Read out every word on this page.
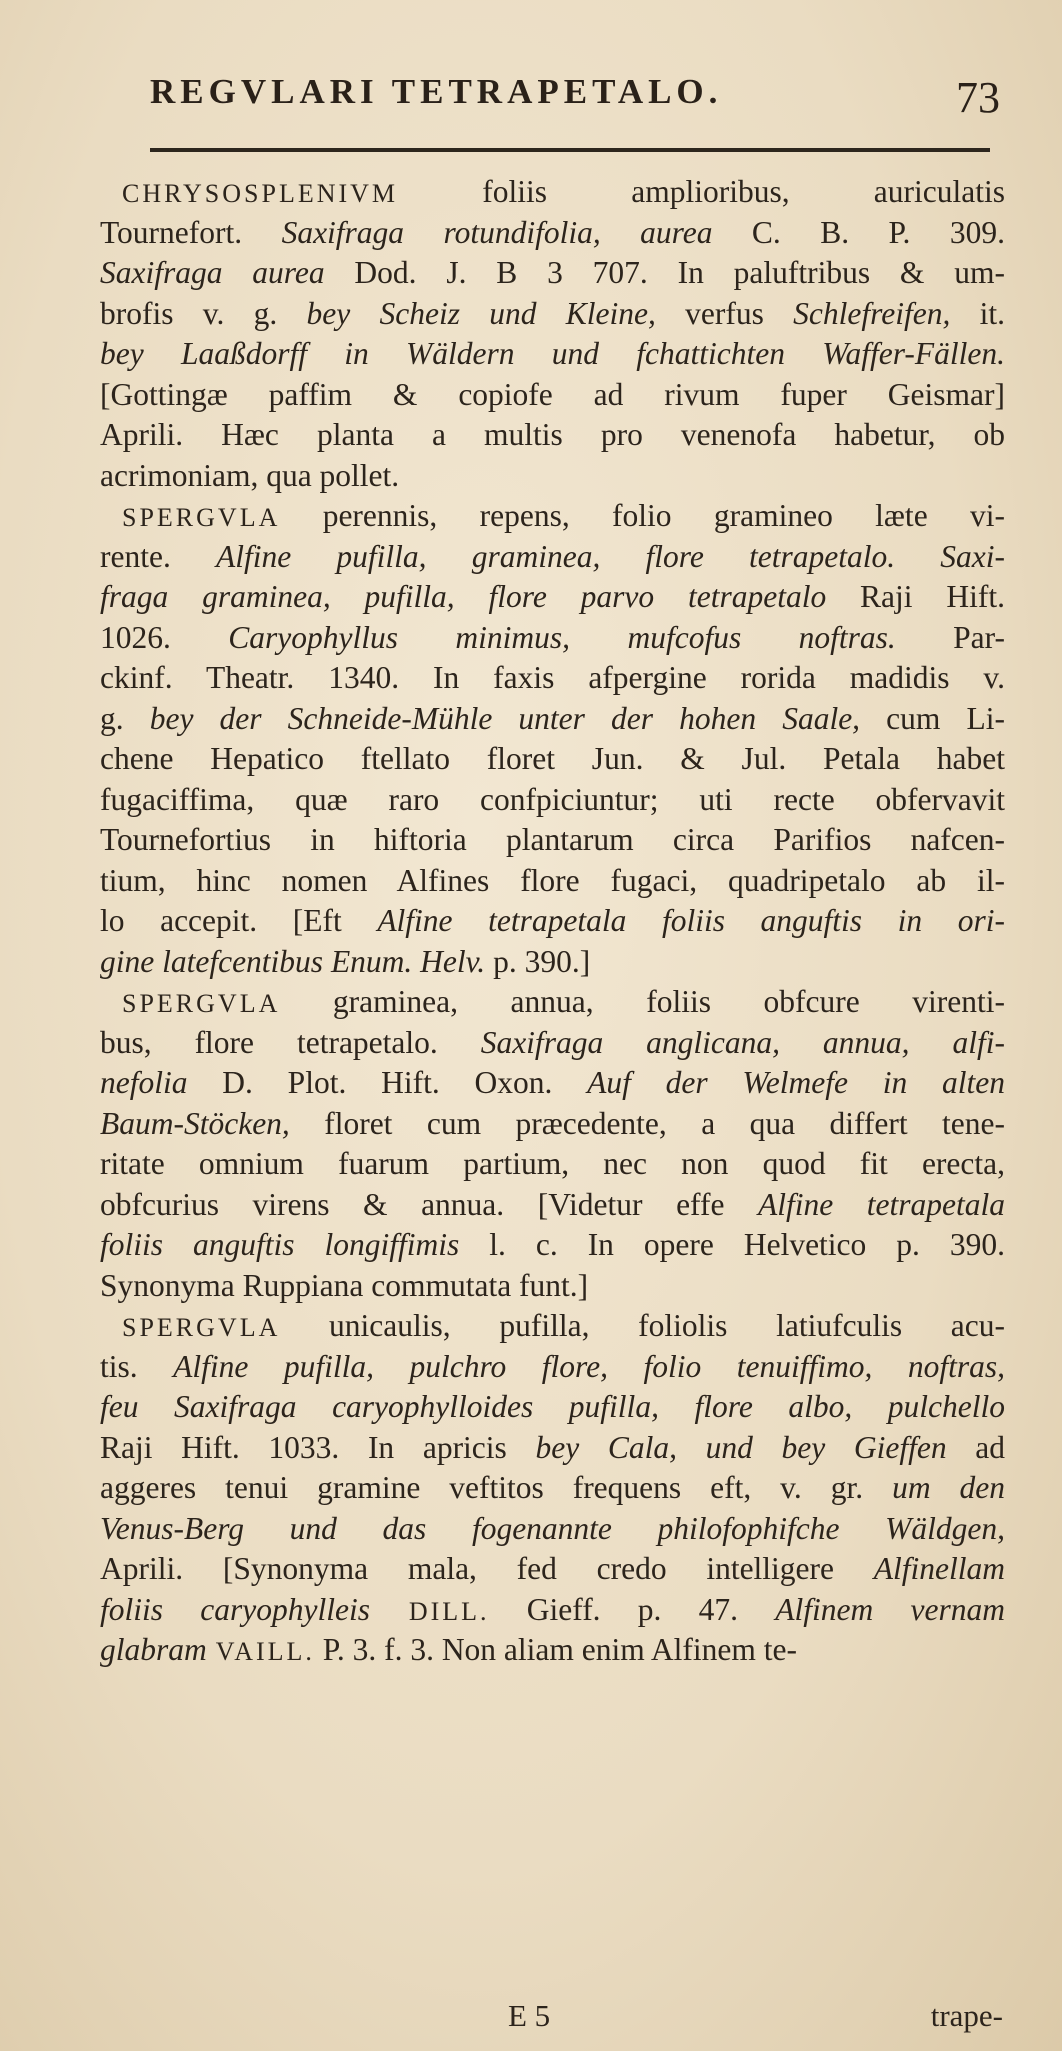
REGVLARI TETRAPETALO.	73
CHRYSOSPLENIVM foliis amplioribus, auriculatis
Tournefort. Saxifraga rotundifolia, aurea C. B. P. 309.
Saxifraga aurea Dod. J. B 3 707. In paluftribus & um-
brofis v. g. bey Scheiz und Kleine, verfus Schlefreifen, it.
bey Laaßdorff in Wäldern und fchattichten Waffer-Fällen.
[Gottingæ paffim & copiofe ad rivum fuper Geismar]
Aprili. Hæc planta a multis pro venenofa habetur, ob
acrimoniam, qua pollet.
SPERGVLA perennis, repens, folio gramineo læte vi-
rente. Alfine pufilla, graminea, flore tetrapetalo. Saxi-
fraga graminea, pufilla, flore parvo tetrapetalo Raji Hift.
1026. Caryophyllus minimus, mufcofus noftras. Par-
ckinf. Theatr. 1340. In faxis afpergine rorida madidis v.
g. bey der Schneide-Mühle unter der hohen Saale, cum Li-
chene Hepatico ftellato floret Jun. & Jul. Petala habet
fugaciffima, quæ raro confpiciuntur; uti recte obfervavit
Tournefortius in hiftoria plantarum circa Parifios nafcen-
tium, hinc nomen Alfines flore fugaci, quadripetalo ab il-
lo accepit. [Eft Alfine tetrapetala foliis anguftis in ori-
gine latefcentibus Enum. Helv. p. 390.]
SPERGVLA graminea, annua, foliis obfcure virenti-
bus, flore tetrapetalo. Saxifraga anglicana, annua, alfi-
nefolia D. Plot. Hift. Oxon. Auf der Welmefe in alten
Baum-Stöcken, floret cum præcedente, a qua differt tene-
ritate omnium fuarum partium, nec non quod fit erecta,
obfcurius virens & annua. [Videtur effe Alfine tetrapetala
foliis anguftis longiffimis l. c. In opere Helvetico p. 390.
Synonyma Ruppiana commutata funt.]
SPERGVLA unicaulis, pufilla, foliolis latiufculis acu-
tis. Alfine pufilla, pulchro flore, folio tenuiffimo, noftras,
feu Saxifraga caryophylloides pufilla, flore albo, pulchello
Raji Hift. 1033. In apricis bey Cala, und bey Gieffen ad
aggeres tenui gramine veftitos frequens eft, v. gr. um den
Venus-Berg und das fogenannte philofophifche Wäldgen,
Aprili. [Synonyma mala, fed credo intelligere Alfinellam
foliis caryophylleis DILL. Gieff. p. 47. Alfinem vernam
glabram VAILL. P. 3. f. 3. Non aliam enim Alfinem te-
E 5	trape-
